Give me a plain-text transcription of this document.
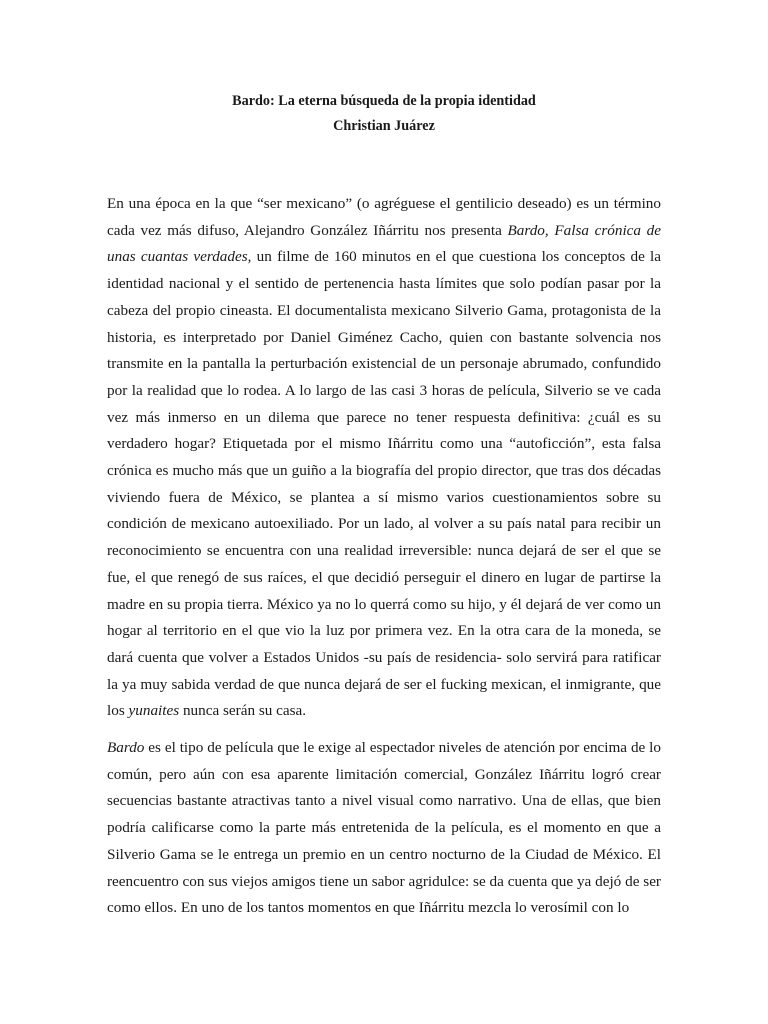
Bardo: La eterna búsqueda de la propia identidad

Christian Juárez

En una época en la que “ser mexicano” (o agréguese el gentilicio deseado) es un término cada vez más difuso, Alejandro González Iñárritu nos presenta Bardo, Falsa crónica de unas cuantas verdades, un filme de 160 minutos en el que cuestiona los conceptos de la identidad nacional y el sentido de pertenencia hasta límites que solo podían pasar por la cabeza del propio cineasta. El documentalista mexicano Silverio Gama, protagonista de la historia, es interpretado por Daniel Giménez Cacho, quien con bastante solvencia nos transmite en la pantalla la perturbación existencial de un personaje abrumado, confundido por la realidad que lo rodea. A lo largo de las casi 3 horas de película, Silverio se ve cada vez más inmerso en un dilema que parece no tener respuesta definitiva: ¿cuál es su verdadero hogar? Etiquetada por el mismo Iñárritu como una “autoficción”, esta falsa crónica es mucho más que un guiño a la biografía del propio director, que tras dos décadas viviendo fuera de México, se plantea a sí mismo varios cuestionamientos sobre su condición de mexicano autoexiliado. Por un lado, al volver a su país natal para recibir un reconocimiento se encuentra con una realidad irreversible: nunca dejará de ser el que se fue, el que renegó de sus raíces, el que decidió perseguir el dinero en lugar de partirse la madre en su propia tierra. México ya no lo querrá como su hijo, y él dejará de ver como un hogar al territorio en el que vio la luz por primera vez. En la otra cara de la moneda, se dará cuenta que volver a Estados Unidos -su país de residencia- solo servirá para ratificar la ya muy sabida verdad de que nunca dejará de ser el fucking mexican, el inmigrante, que los yunaites nunca serán su casa.

Bardo es el tipo de película que le exige al espectador niveles de atención por encima de lo común, pero aún con esa aparente limitación comercial, González Iñárritu logró crear secuencias bastante atractivas tanto a nivel visual como narrativo. Una de ellas, que bien podría calificarse como la parte más entretenida de la película, es el momento en que a Silverio Gama se le entrega un premio en un centro nocturno de la Ciudad de México. El reencuentro con sus viejos amigos tiene un sabor agridulce: se da cuenta que ya dejó de ser como ellos. En uno de los tantos momentos en que Iñárritu mezcla lo verosímil con lo
